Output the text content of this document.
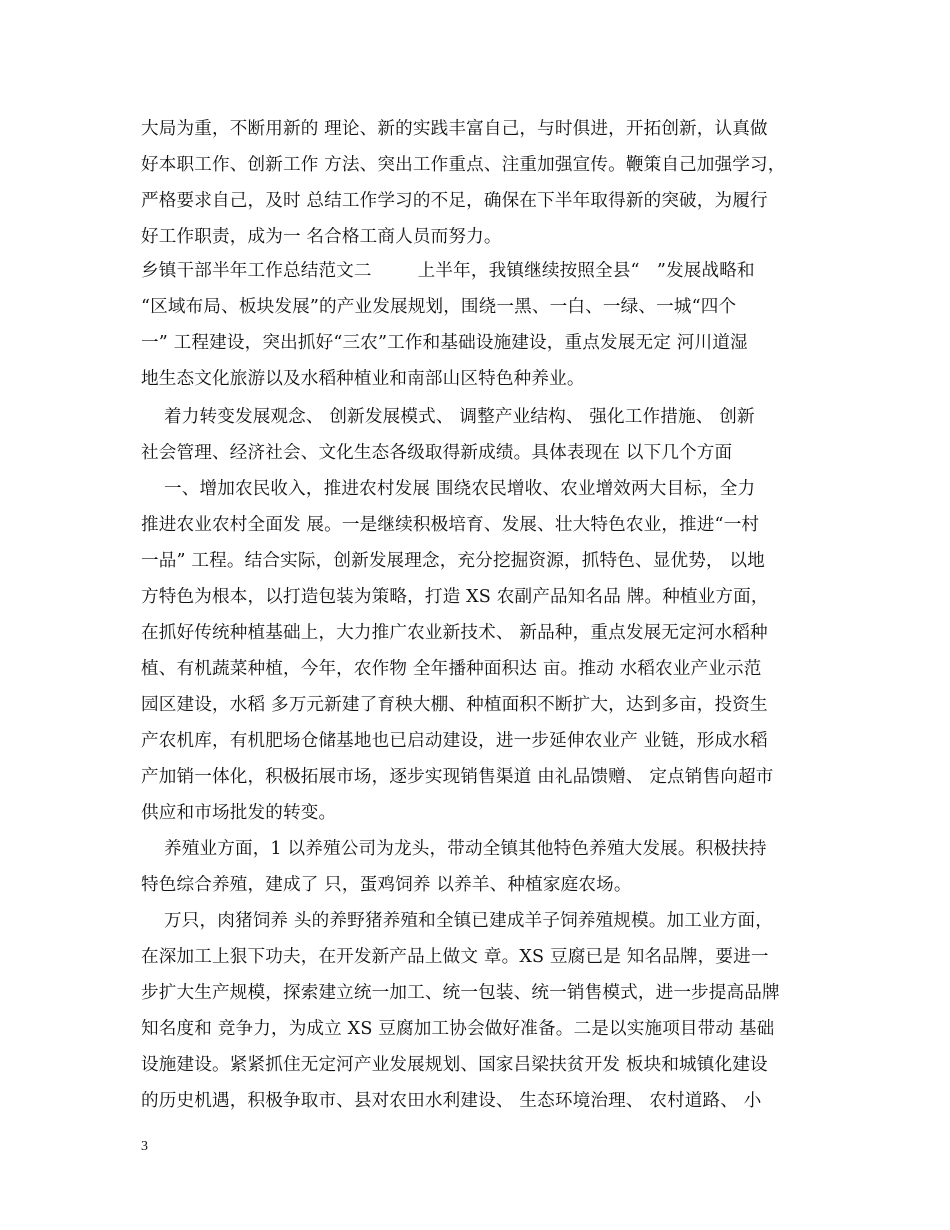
大局为重，不断用新的 理论、新的实践丰富自己，与时俱进，开拓创新，认真做
好本职工作、创新工作 方法、突出工作重点、注重加强宣传。鞭策自己加强学习，
严格要求自己，及时 总结工作学习的不足，确保在下半年取得新的突破，为履行
好工作职责，成为一 名合格工商人员而努力。
乡镇干部半年工作总结范文二        上半年，我镇继续按照全县“   ”发展战略和
“区域布局、板块发展”的产业发展规划，围绕一黑、一白、一绿、一城“四个
一” 工程建设，突出抓好“三农”工作和基础设施建设，重点发展无定 河川道湿
地生态文化旅游以及水稻种植业和南部山区特色种养业。
着力转变发展观念、 创新发展模式、 调整产业结构、 强化工作措施、 创新
社会管理、经济社会、文化生态各级取得新成绩。具体表现在 以下几个方面
一、增加农民收入，推进农村发展 围绕农民增收、农业增效两大目标，全力
推进农业农村全面发 展。一是继续积极培育、发展、壮大特色农业，推进“一村
一品” 工程。结合实际，创新发展理念，充分挖掘资源，抓特色、显优势， 以地
方特色为根本，以打造包装为策略，打造 XS 农副产品知名品 牌。种植业方面，
在抓好传统种植基础上，大力推广农业新技术、 新品种，重点发展无定河水稻种
植、有机蔬菜种植，今年，农作物 全年播种面积达 亩。推动 水稻农业产业示范
园区建设，水稻 多万元新建了育秧大棚、种植面积不断扩大，达到多亩，投资生
产农机库，有机肥场仓储基地也已启动建设，进一步延伸农业产 业链，形成水稻
产加销一体化，积极拓展市场，逐步实现销售渠道 由礼品馈赠、 定点销售向超市
供应和市场批发的转变。
养殖业方面，1 以养殖公司为龙头，带动全镇其他特色养殖大发展。积极扶持
特色综合养殖，建成了 只，蛋鸡饲养 以养羊、种植家庭农场。
万只，肉猪饲养 头的养野猪养殖和全镇已建成羊子饲养殖规模。加工业方面，
在深加工上狠下功夫，在开发新产品上做文 章。XS 豆腐已是 知名品牌，要进一
步扩大生产规模，探索建立统一加工、统一包装、统一销售模式，进一步提高品牌
知名度和 竞争力，为成立 XS 豆腐加工协会做好准备。二是以实施项目带动 基础
设施建设。紧紧抓住无定河产业发展规划、国家吕梁扶贫开发 板块和城镇化建设
的历史机遇，积极争取市、县对农田水利建设、 生态环境治理、 农村道路、 小
3
